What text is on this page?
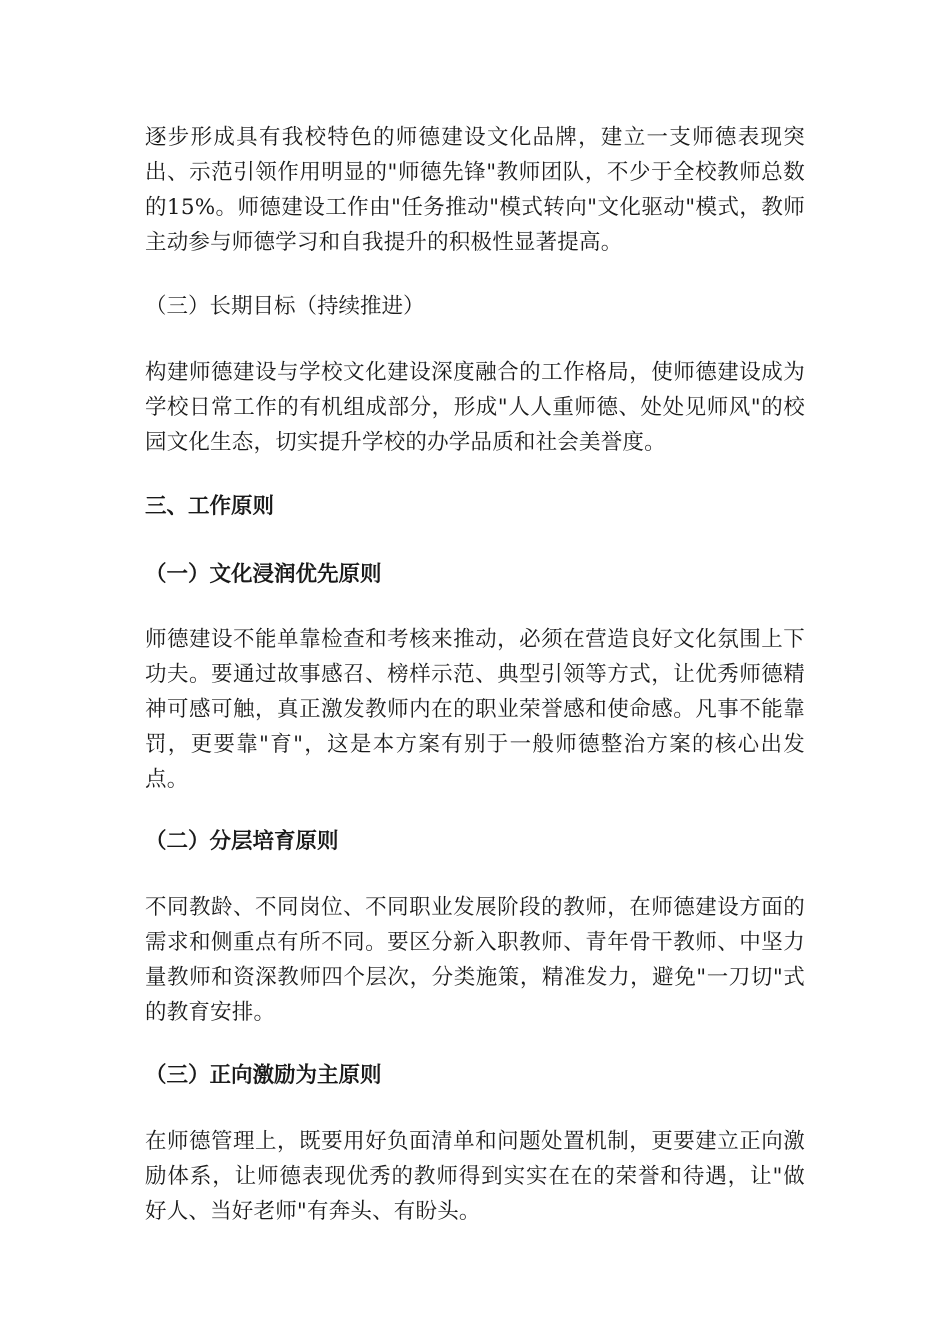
逐步形成具有我校特色的师德建设文化品牌，建立一支师德表现突出、示范引领作用明显的"师德先锋"教师团队，不少于全校教师总数的15%。师德建设工作由"任务推动"模式转向"文化驱动"模式，教师主动参与师德学习和自我提升的积极性显著提高。

（三）长期目标（持续推进）

构建师德建设与学校文化建设深度融合的工作格局，使师德建设成为学校日常工作的有机组成部分，形成"人人重师德、处处见师风"的校园文化生态，切实提升学校的办学品质和社会美誉度。

三、工作原则

（一）文化浸润优先原则

师德建设不能单靠检查和考核来推动，必须在营造良好文化氛围上下功夫。要通过故事感召、榜样示范、典型引领等方式，让优秀师德精神可感可触，真正激发教师内在的职业荣誉感和使命感。凡事不能靠罚，更要靠"育"，这是本方案有别于一般师德整治方案的核心出发点。

（二）分层培育原则

不同教龄、不同岗位、不同职业发展阶段的教师，在师德建设方面的需求和侧重点有所不同。要区分新入职教师、青年骨干教师、中坚力量教师和资深教师四个层次，分类施策，精准发力，避免"一刀切"式的教育安排。

（三）正向激励为主原则

在师德管理上，既要用好负面清单和问题处置机制，更要建立正向激励体系，让师德表现优秀的教师得到实实在在的荣誉和待遇，让"做好人、当好老师"有奔头、有盼头。
